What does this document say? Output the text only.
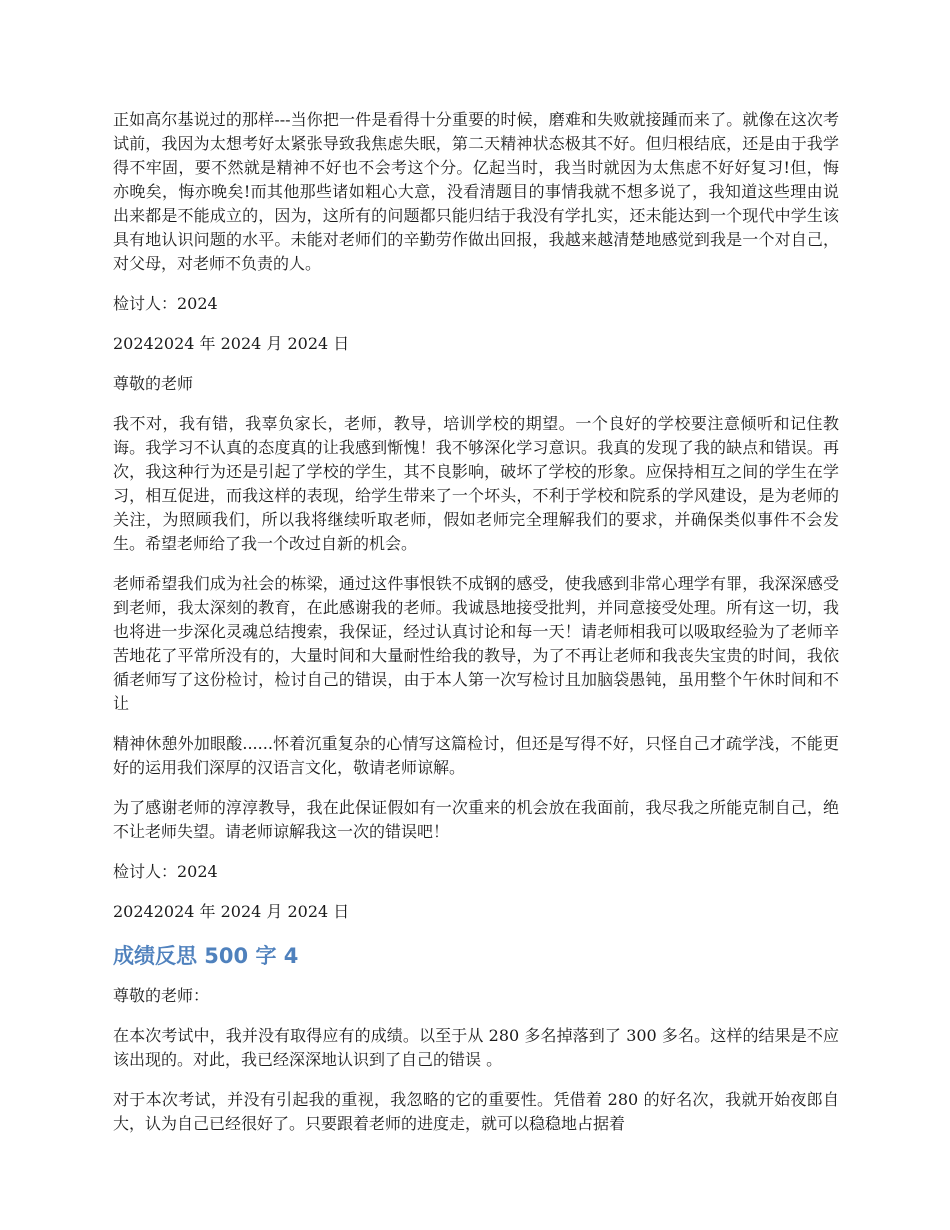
正如高尔基说过的那样---当你把一件是看得十分重要的时候，磨难和失败就接踵而来了。就像在这次考试前，我因为太想考好太紧张导致我焦虑失眠，第二天精神状态极其不好。但归根结底，还是由于我学得不牢固，要不然就是精神不好也不会考这个分。亿起当时，我当时就因为太焦虑不好好复习!但，悔亦晚矣，悔亦晚矣!而其他那些诸如粗心大意，没看清题目的事情我就不想多说了，我知道这些理由说出来都是不能成立的，因为，这所有的问题都只能归结于我没有学扎实，还未能达到一个现代中学生该具有地认识问题的水平。未能对老师们的辛勤劳作做出回报，我越来越清楚地感觉到我是一个对自己，对父母，对老师不负责的人。

检讨人：2024

20242024 年 2024 月 2024 日

尊敬的老师

我不对，我有错，我辜负家长，老师，教导，培训学校的期望。一个良好的学校要注意倾听和记住教诲。我学习不认真的态度真的让我感到惭愧！我不够深化学习意识。我真的发现了我的缺点和错误。再次，我这种行为还是引起了学校的学生，其不良影响，破坏了学校的形象。应保持相互之间的学生在学习，相互促进，而我这样的表现，给学生带来了一个坏头，不利于学校和院系的学风建设，是为老师的关注，为照顾我们，所以我将继续听取老师，假如老师完全理解我们的要求，并确保类似事件不会发生。希望老师给了我一个改过自新的机会。

老师希望我们成为社会的栋梁，通过这件事恨铁不成钢的感受，使我感到非常心理学有罪，我深深感受到老师，我太深刻的教育，在此感谢我的老师。我诚恳地接受批判，并同意接受处理。所有这一切，我也将进一步深化灵魂总结搜索，我保证，经过认真讨论和每一天！请老师相我可以吸取经验为了老师辛苦地花了平常所没有的，大量时间和大量耐性给我的教导，为了不再让老师和我丧失宝贵的时间，我依循老师写了这份检讨，检讨自己的错误，由于本人第一次写检讨且加脑袋愚钝，虽用整个午休时间和不让

精神休憩外加眼酸......怀着沉重复杂的心情写这篇检讨，但还是写得不好，只怪自己才疏学浅，不能更好的运用我们深厚的汉语言文化，敬请老师谅解。

为了感谢老师的淳淳教导，我在此保证假如有一次重来的机会放在我面前，我尽我之所能克制自己，绝不让老师失望。请老师谅解我这一次的错误吧！

检讨人：2024

20242024 年 2024 月 2024 日

成绩反思 500 字 4

尊敬的老师：

在本次考试中，我并没有取得应有的成绩。以至于从 280 多名掉落到了 300 多名。这样的结果是不应该出现的。对此，我已经深深地认识到了自己的错误 。

对于本次考试，并没有引起我的重视，我忽略的它的重要性。凭借着 280 的好名次，我就开始夜郎自大，认为自己已经很好了。只要跟着老师的进度走，就可以稳稳地占据着
